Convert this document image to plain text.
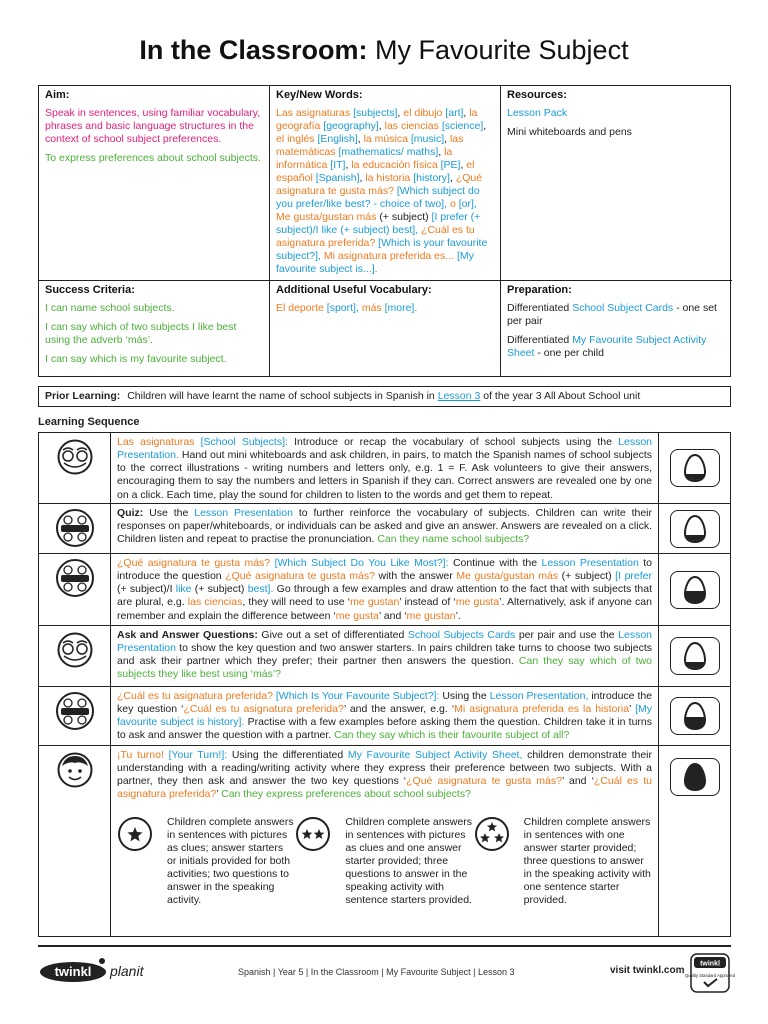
In the Classroom: My Favourite Subject
Aim:

Speak in sentences, using familiar vocabulary, phrases and basic language structures in the context of school subject preferences.

To express preferences about school subjects.

Key/New Words:
Las asignaturas [subjects], el dibujo [art], la geografía [geography], las ciencias [science], el inglés [English], la música [music], las matemáticas [mathematics/ maths], la informática [IT], la educación física [PE], el español [Spanish], la historia [history], ¿Qué asignatura te gusta más? [Which subject do you prefer/like best? - choice of two], o [or], Me gusta/gustan más (+ subject) [I prefer (+ subject)/I like (+ subject) best], ¿Cuál es tu asignatura preferida? [Which is your favourite subject?], Mi asignatura preferida es... [My favourite subject is...].
Resources:

Lesson Pack

Mini whiteboards and pens

Success Criteria:

I can name school subjects.

I can say which of two subjects I like best using the adverb ‘más’.

I can say which is my favourite subject.

Additional Useful Vocabulary:

El deporte [sport], más [more].

Preparation:

Differentiated School Subject Cards - one set per pair

Differentiated My Favourite Subject Activity Sheet - one per child

Prior Learning: Children will have learnt the name of school subjects in Spanish in Lesson 3 of the year 3 All About School unit
Learning Sequence
Las asignaturas [School Subjects]: Introduce or recap the vocabulary of school subjects using the Lesson Presentation. Hand out mini whiteboards and ask children, in pairs, to match the Spanish names of school subjects to the correct illustrations - writing numbers and letters only, e.g. 1 = F. Ask volunteers to give their answers, encouraging them to say the numbers and letters in Spanish if they can. Correct answers are revealed one by one on a click. Each time, play the sound for children to listen to the words and get them to repeat.
Quiz: Use the Lesson Presentation to further reinforce the vocabulary of subjects. Children can write their responses on paper/whiteboards, or individuals can be asked and give an answer. Answers are revealed on a click. Children listen and repeat to practise the pronunciation. Can they name school subjects?
¿Qué asignatura te gusta más? [Which Subject Do You Like Most?]: Continue with the Lesson Presentation to introduce the question ¿Qué asignatura te gusta más? with the answer Me gusta/gustan más (+ subject) [I prefer (+ subject)/I like (+ subject) best]. Go through a few examples and draw attention to the fact that with subjects that are plural, e.g. las ciencias, they will need to use ‘me gustan’ instead of ‘me gusta’. Alternatively, ask if anyone can remember and explain the difference between ‘me gusta’ and ‘me gustan’.
Ask and Answer Questions: Give out a set of differentiated School Subjects Cards per pair and use the Lesson Presentation to show the key question and two answer starters. In pairs children take turns to choose two subjects and ask their partner which they prefer; their partner then answers the question. Can they say which of two subjects they like best using ‘más’?
¿Cuál es tu asignatura preferida? [Which Is Your Favourite Subject?]: Using the Lesson Presentation, introduce the key question ‘¿Cuál es tu asignatura preferida?’ and the answer, e.g. ‘Mi asignatura preferida es la historia’ [My favourite subject is history]. Practise with a few examples before asking them the question. Children take it in turns to ask and answer the question with a partner. Can they say which is their favourite subject of all?
¡Tu turno! [Your Turn!]: Using the differentiated My Favourite Subject Activity Sheet, children demonstrate their understanding with a reading/writing activity where they express their preference between two subjects. With a partner, they then ask and answer the two key questions ‘¿Qué asignatura te gusta más?’ and ‘¿Cuál es tu asignatura preferida?’ Can they express preferences about school subjects?
Children complete answers in sentences with pictures as clues; answer starters or initials provided for both activities; two questions to answer in the speaking activity.
Children complete answers in sentences with pictures as clues and one answer starter provided; three questions to answer in the speaking activity with sentence starters provided.
Children complete answers in sentences with one answer starter provided; three questions to answer in the speaking activity with one sentence starter provided.
twinkl planit	Spanish | Year 5 | In the Classroom | My Favourite Subject | Lesson 3	visit twinkl.com
twinkl
Quality Standard Approved
